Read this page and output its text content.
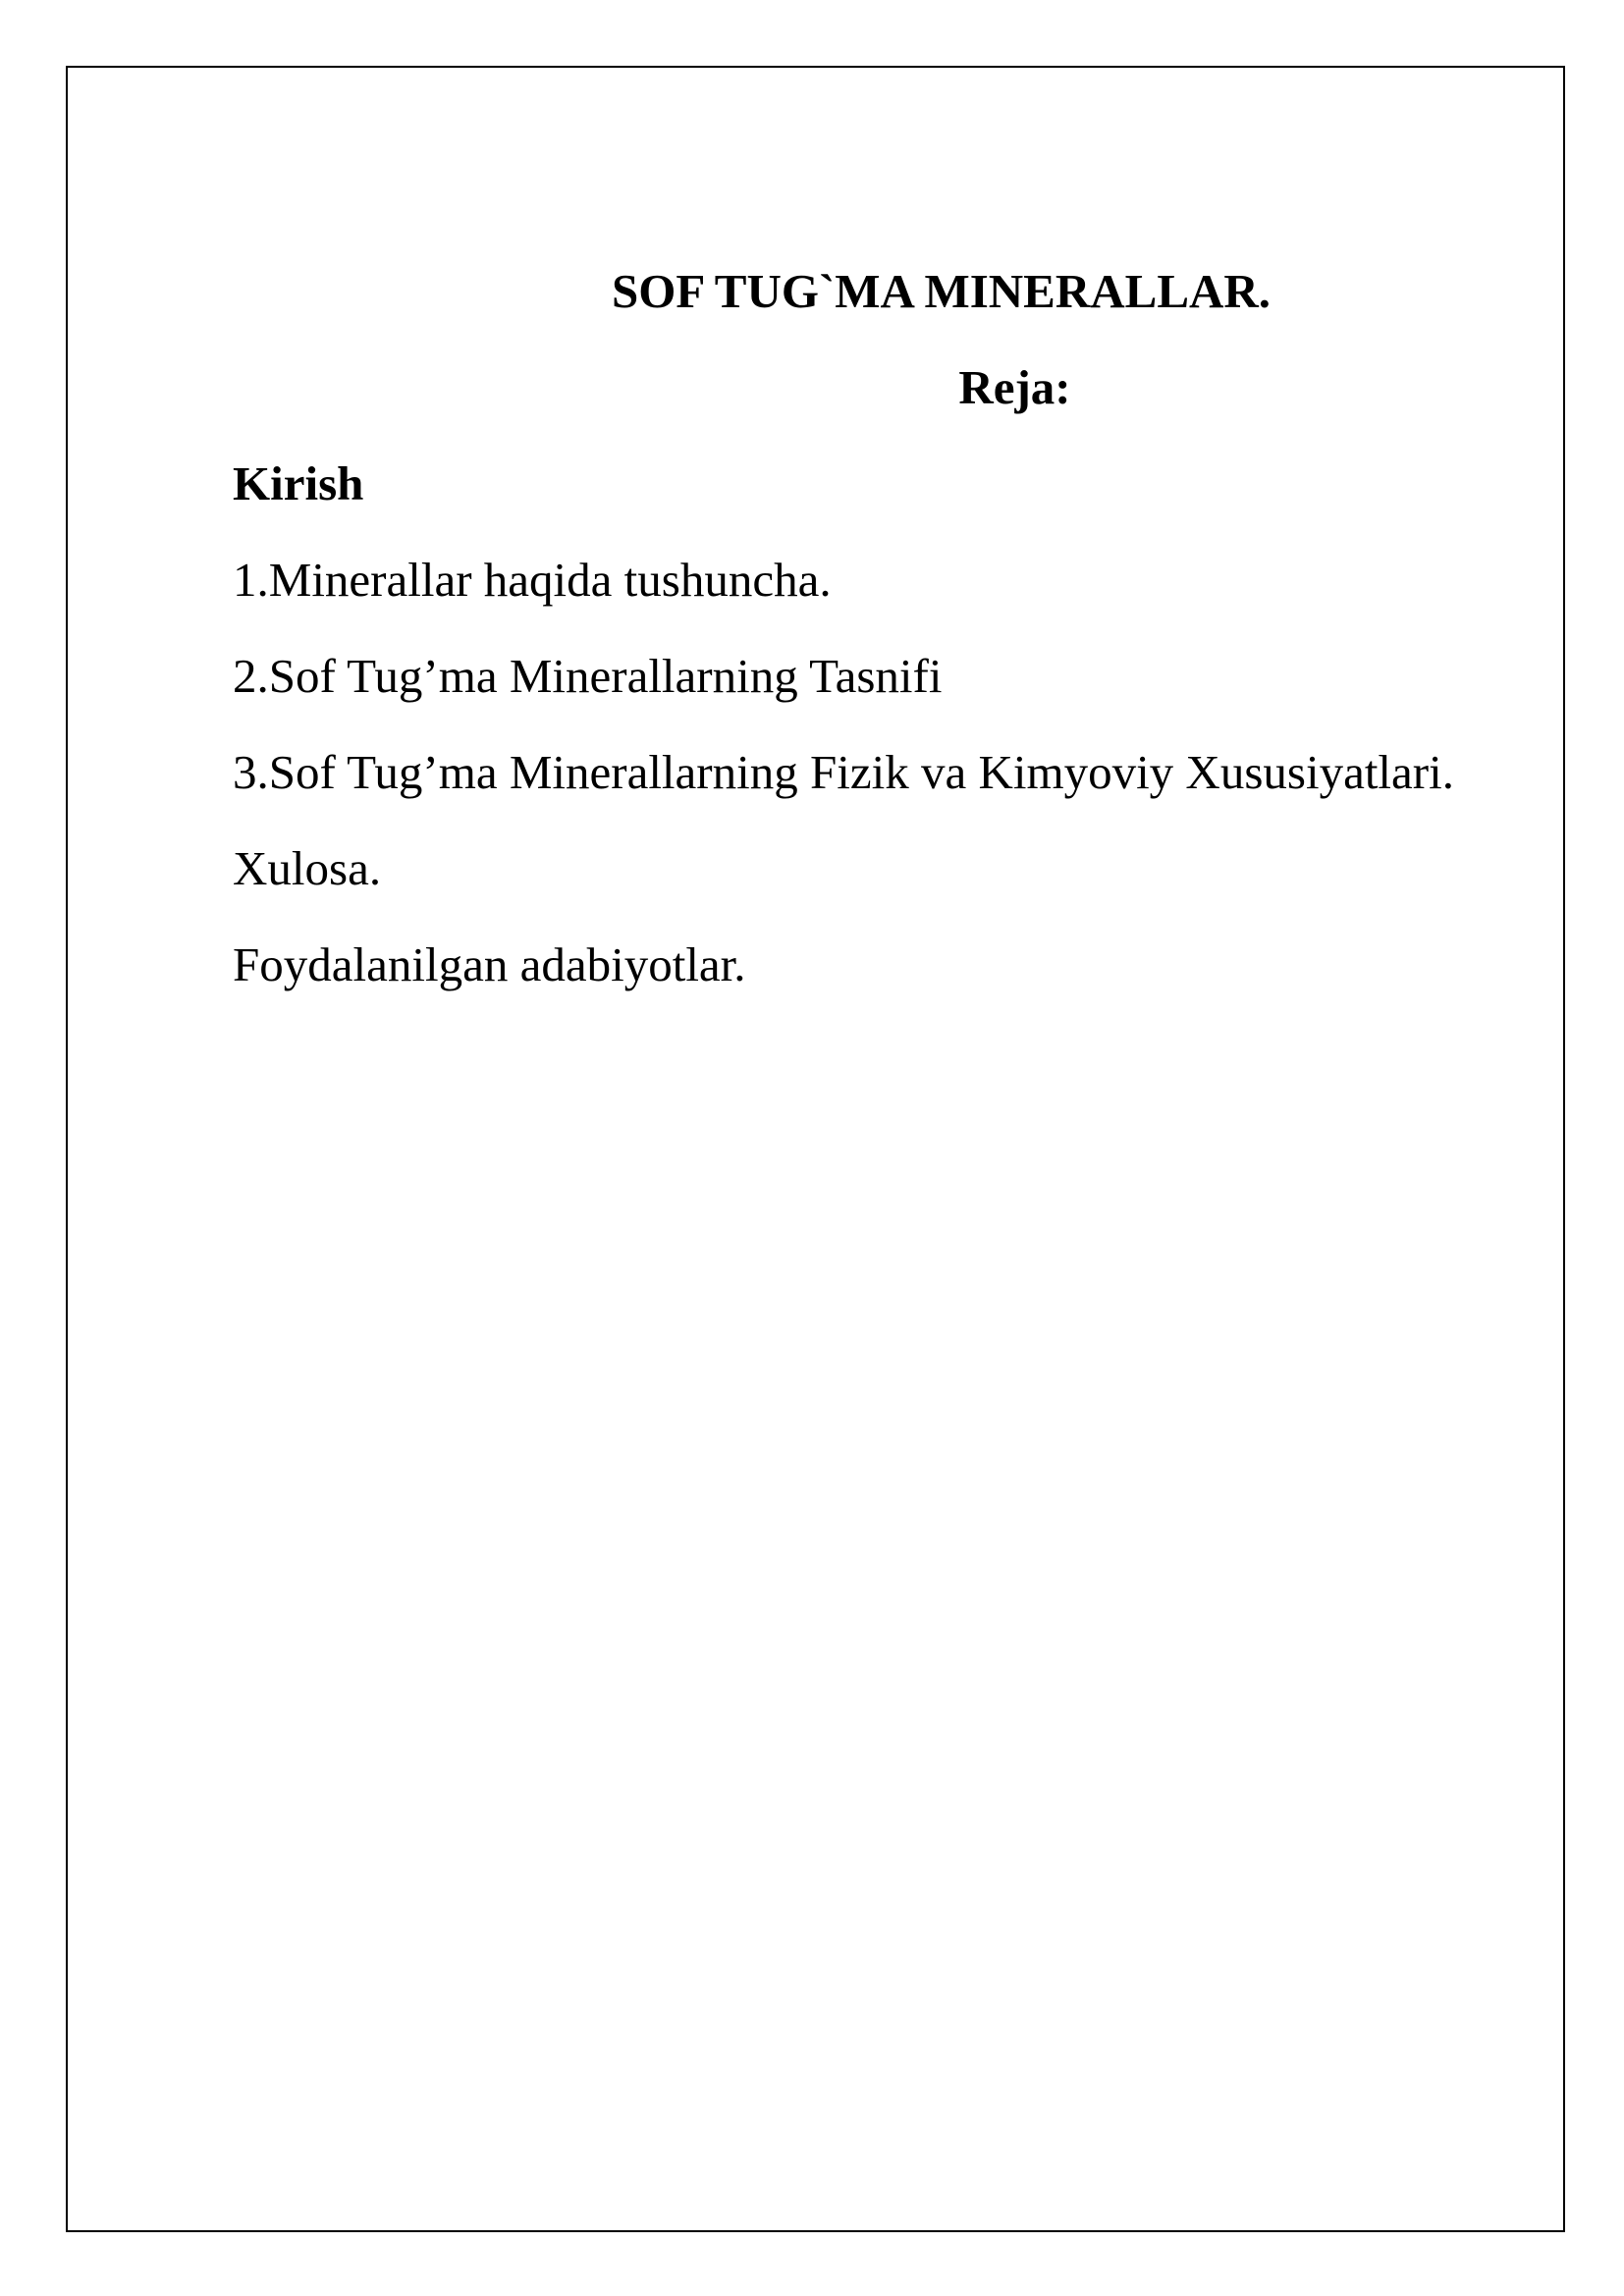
SOF TUG`MA MINERALLAR.
Reja:

Kirish

1.Minerallar haqida tushuncha.

2.Sof Tug’ma Minerallarning Tasnifi

3.Sof Tug’ma Minerallarning Fizik va Kimyoviy Xususiyatlari.

Xulosa.

Foydalanilgan adabiyotlar.
